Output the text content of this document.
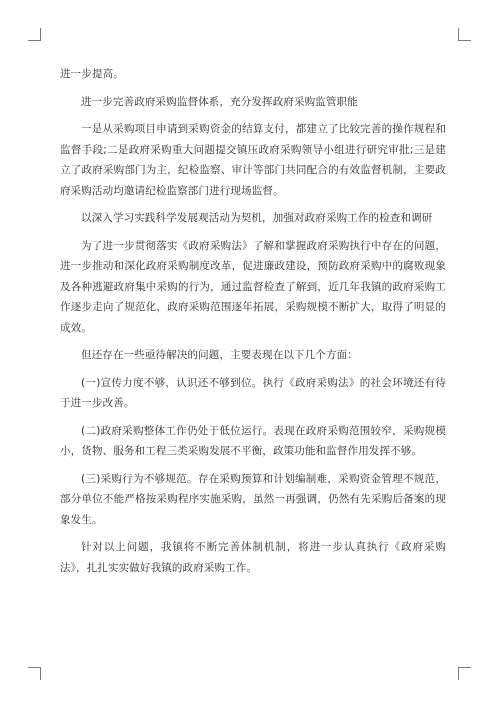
进一步提高。

进一步完善政府采购监督体系，充分发挥政府采购监管职能

一是从采购项目申请到采购资金的结算支付，都建立了比较完善的操作规程和监督手段;二是政府采购重大问题提交镇压政府采购领导小组进行研究审批;三是建立了政府采购部门为主，纪检监察、审计等部门共同配合的有效监督机制，主要政府采购活动均邀请纪检监察部门进行现场监督。

以深入学习实践科学发展观活动为契机，加强对政府采购工作的检查和调研

为了进一步贯彻落实《政府采购法》了解和掌握政府采购执行中存在的问题，进一步推动和深化政府采购制度改革，促进廉政建设，预防政府采购中的腐败现象及各种逃避政府集中采购的行为，通过监督检查了解到，近几年我镇的政府采购工作逐步走向了规范化，政府采购范围逐年拓展，采购规模不断扩大，取得了明显的成效。

但还存在一些亟待解决的问题，主要表现在以下几个方面：

(一)宣传力度不够，认识还不够到位。执行《政府采购法》的社会环境还有待于进一步改善。

(二)政府采购整体工作仍处于低位运行。表现在政府采购范围较窄，采购规模小，货物、服务和工程三类采购发展不平衡，政策功能和监督作用发挥不够。

(三)采购行为不够规范。存在采购预算和计划编制难，采购资金管理不规范，部分单位不能严格按采购程序实施采购，虽然一再强调，仍然有先采购后备案的现象发生。

针对以上问题，我镇将不断完善体制机制，将进一步认真执行《政府采购法》，扎扎实实做好我镇的政府采购工作。
